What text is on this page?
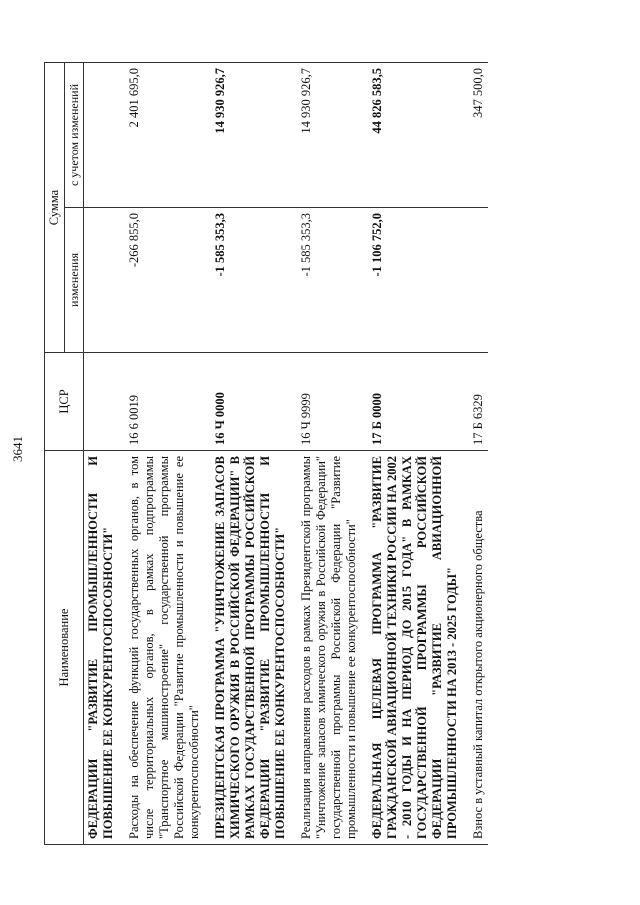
3641
Наименование	ЦСР	Сумма	
		изменения	с учетом изменений
ФЕДЕРАЦИИ "РАЗВИТИЕ ПРОМЫШЛЕННОСТИ И ПОВЫШЕНИЕ ЕЕ КОНКУРЕНТОСПОСОБНОСТИ"			

Расходы на обеспечение функций государственных органов, в том числе территориальных органов, в рамках подпрограммы "Транспортное машиностроение" государственной программы Российской Федерации "Развитие промышленности и повышение ее конкурентоспособности"	16 6 0019	-266 855,0	2 401 695,0

ПРЕЗИДЕНТСКАЯ ПРОГРАММА "УНИЧТОЖЕНИЕ ЗАПАСОВ ХИМИЧЕСКОГО ОРУЖИЯ В РОССИЙСКОЙ ФЕДЕРАЦИИ" В РАМКАХ ГОСУДАРСТВЕННОЙ ПРОГРАММЫ РОССИЙСКОЙ ФЕДЕРАЦИИ "РАЗВИТИЕ ПРОМЫШЛЕННОСТИ И ПОВЫШЕНИЕ ЕЕ КОНКУРЕНТОСПОСОБНОСТИ"	16 Ч 0000	-1 585 353,3	14 930 926,7

Реализация направления расходов в рамках Президентской программы "Уничтожение запасов химического оружия в Российской Федерации" государственной программы Российской Федерации "Развитие промышленности и повышение ее конкурентоспособности"	16 Ч 9999	-1 585 353,3	14 930 926,7

ФЕДЕРАЛЬНАЯ ЦЕЛЕВАЯ ПРОГРАММА "РАЗВИТИЕ ГРАЖДАНСКОЙ АВИАЦИОННОЙ ТЕХНИКИ РОССИИ НА 2002 - 2010 ГОДЫ И НА ПЕРИОД ДО 2015 ГОДА" В РАМКАХ ГОСУДАРСТВЕННОЙ ПРОГРАММЫ РОССИЙСКОЙ ФЕДЕРАЦИИ "РАЗВИТИЕ АВИАЦИОННОЙ ПРОМЫШЛЕННОСТИ НА 2013 - 2025 ГОДЫ"	17 Б 0000	-1 106 752,0	44 826 583,5

Взнос в уставный капитал открытого акционерного общества	17 Б 6329		347 500,0
